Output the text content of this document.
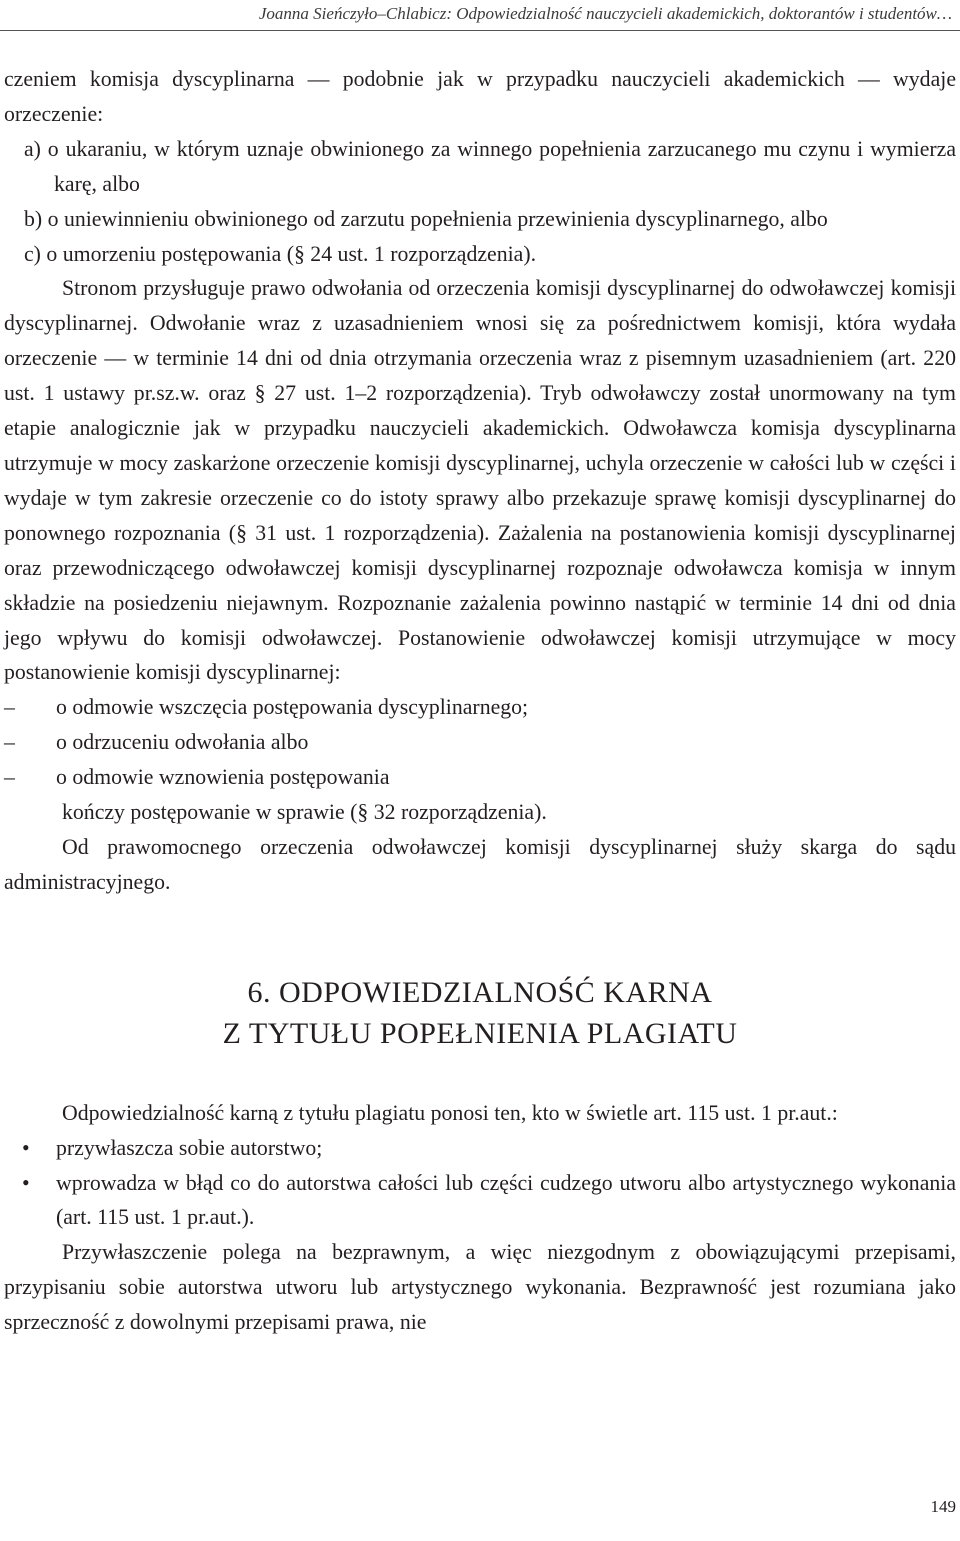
Joanna Sieńczyło–Chlabicz: Odpowiedzialność nauczycieli akademickich, doktorantów i studentów…

czeniem komisja dyscyplinarna — podobnie jak w przypadku nauczycieli akademickich — wydaje orzeczenie:

a) o ukaraniu, w którym uznaje obwinionego za winnego popełnienia zarzucanego mu czynu i wymierza karę, albo

b) o uniewinnieniu obwinionego od zarzutu popełnienia przewinienia dyscyplinarnego, albo

c) o umorzeniu postępowania (§ 24 ust. 1 rozporządzenia).

Stronom przysługuje prawo odwołania od orzeczenia komisji dyscyplinarnej do odwoławczej komisji dyscyplinarnej. Odwołanie wraz z uzasadnieniem wnosi się za pośrednictwem komisji, która wydała orzeczenie — w terminie 14 dni od dnia otrzymania orzeczenia wraz z pisemnym uzasadnieniem (art. 220 ust. 1 ustawy pr.sz.w. oraz § 27 ust. 1–2 rozporządzenia). Tryb odwoławczy został unormowany na tym etapie analogicznie jak w przypadku nauczycieli akademickich. Odwoławcza komisja dyscyplinarna utrzymuje w mocy zaskarżone orzeczenie komisji dyscyplinarnej, uchyla orzeczenie w całości lub w części i wydaje w tym zakresie orzeczenie co do istoty sprawy albo przekazuje sprawę komisji dyscyplinarnej do ponownego rozpoznania (§ 31 ust. 1 rozporządzenia). Zażalenia na postanowienia komisji dyscyplinarnej oraz przewodniczącego odwoławczej komisji dyscyplinarnej rozpoznaje odwoławcza komisja w innym składzie na posiedzeniu niejawnym. Rozpoznanie zażalenia powinno nastąpić w terminie 14 dni od dnia jego wpływu do komisji odwoławczej. Postanowienie odwoławczej komisji utrzymujące w mocy postanowienie komisji dyscyplinarnej:

– o odmowie wszczęcia postępowania dyscyplinarnego;
– o odrzuceniu odwołania albo
– o odmowie wznowienia postępowania

kończy postępowanie w sprawie (§ 32 rozporządzenia).

Od prawomocnego orzeczenia odwoławczej komisji dyscyplinarnej służy skarga do sądu administracyjnego.

6. ODPOWIEDZIALNOŚĆ KARNA
Z TYTUŁU POPEŁNIENIA PLAGIATU

Odpowiedzialność karną z tytułu plagiatu ponosi ten, kto w świetle art. 115 ust. 1 pr.aut.:

• przywłaszcza sobie autorstwo;
• wprowadza w błąd co do autorstwa całości lub części cudzego utworu albo artystycznego wykonania (art. 115 ust. 1 pr.aut.).

Przywłaszczenie polega na bezprawnym, a więc niezgodnym z obowiązującymi przepisami, przypisaniu sobie autorstwa utworu lub artystycznego wykonania. Bezprawność jest rozumiana jako sprzeczność z dowolnymi przepisami prawa, nie

149
